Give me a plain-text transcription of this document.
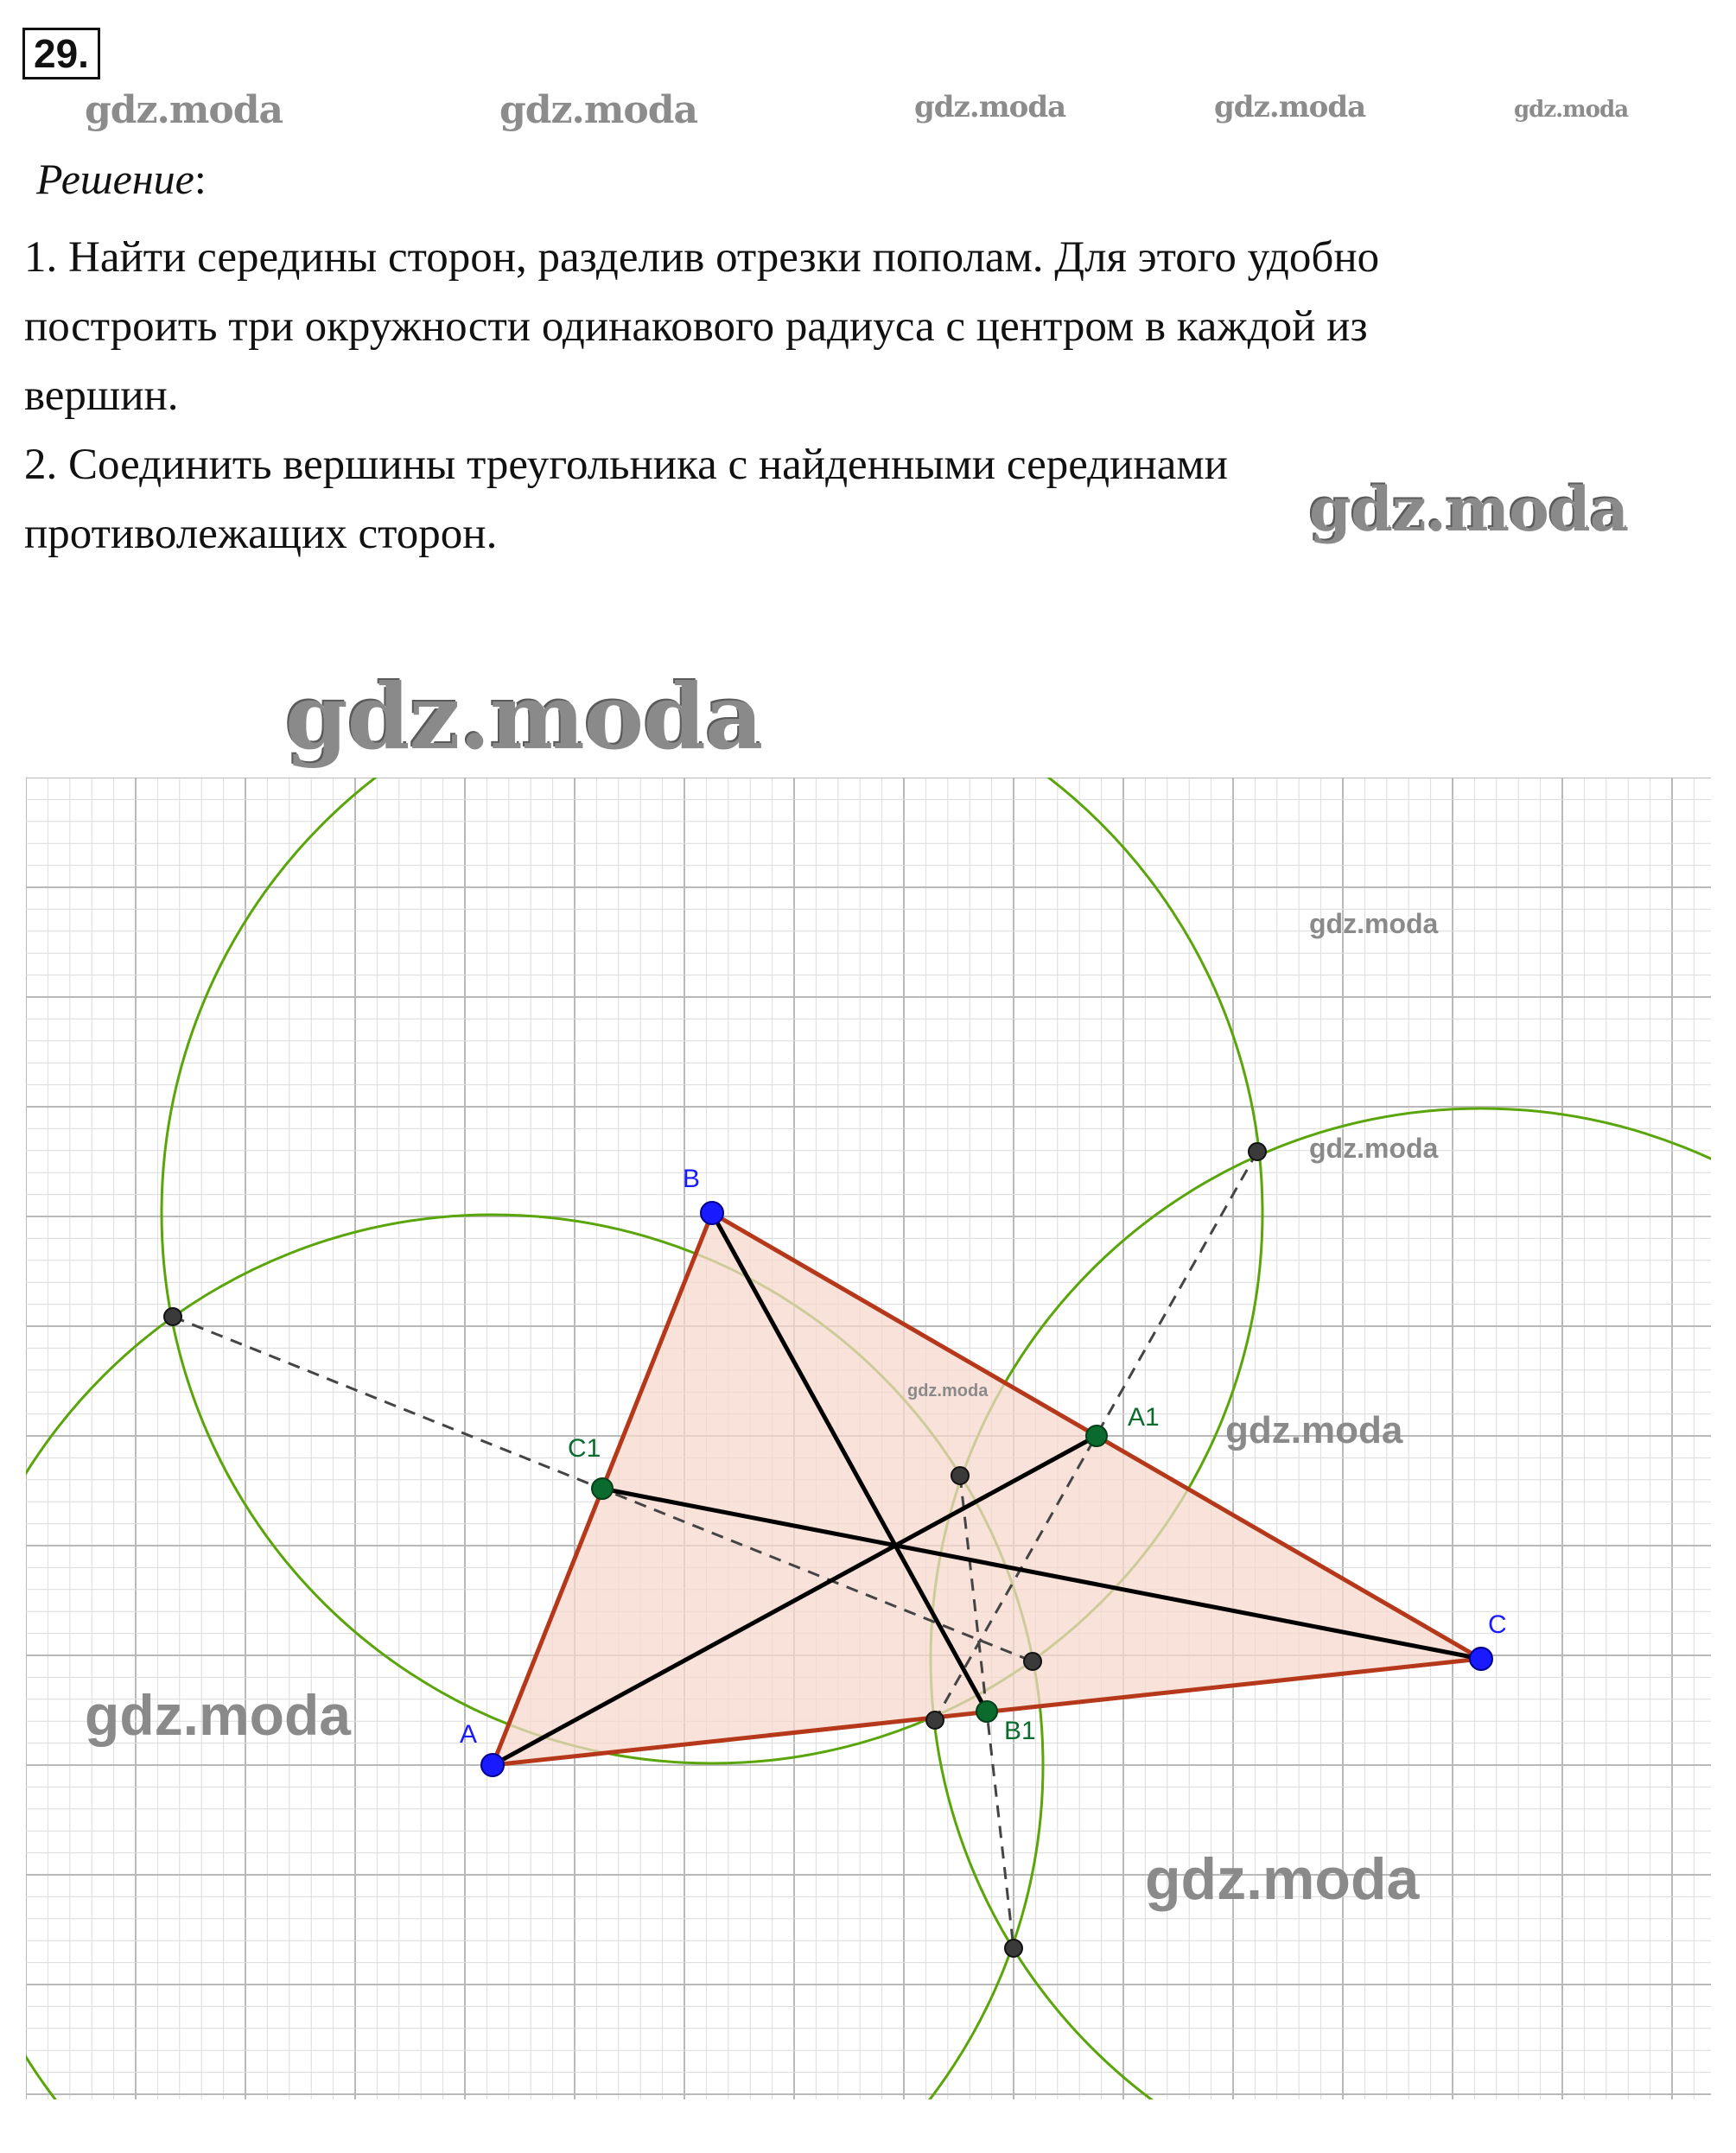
29.
gdz.moda	gdz.moda	gdz.moda	gdz.moda	gdz.moda
Решение:

1. Найти середины сторон, разделив отрезки пополам. Для этого удобно

построить три окружности одинакового радиуса с центром в каждой из

вершин.

2. Соединить вершины треугольника с найденными серединами

противолежащих сторон.	gdz.moda
gdz.moda
A
B
C
A1
B1
C1
gdz.moda
gdz.moda
gdz.moda
gdz.moda
gdz.moda
gdz.moda
